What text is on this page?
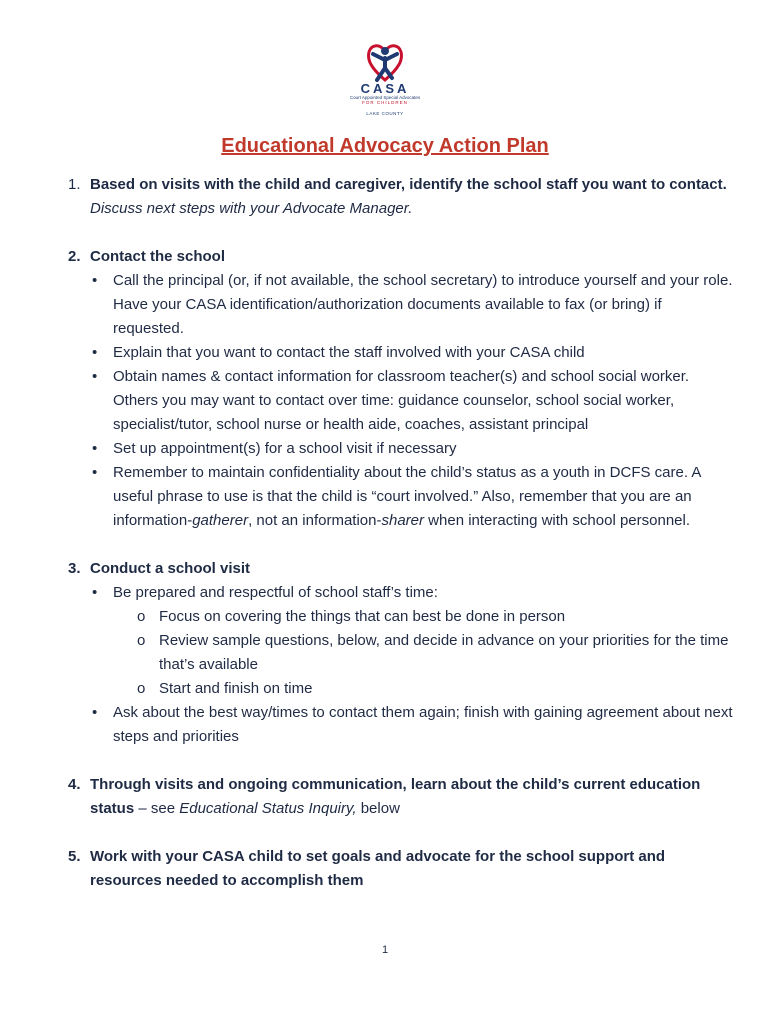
CASA
Court Appointed Special Advocates
FOR CHILDREN
LAKE COUNTY
Educational Advocacy Action Plan
1. Based on visits with the child and caregiver, identify the school staff you want to contact. Discuss next steps with your Advocate Manager.
2. Contact the school
• Call the principal (or, if not available, the school secretary) to introduce yourself and your role. Have your CASA identification/authorization documents available to fax (or bring) if requested.
• Explain that you want to contact the staff involved with your CASA child
• Obtain names & contact information for classroom teacher(s) and school social worker. Others you may want to contact over time: guidance counselor, school social worker, specialist/tutor, school nurse or health aide, coaches, assistant principal
• Set up appointment(s) for a school visit if necessary
• Remember to maintain confidentiality about the child’s status as a youth in DCFS care. A useful phrase to use is that the child is “court involved.” Also, remember that you are an information-gatherer, not an information-sharer when interacting with school personnel.
3. Conduct a school visit
• Be prepared and respectful of school staff’s time:
o Focus on covering the things that can best be done in person
o Review sample questions, below, and decide in advance on your priorities for the time that’s available
o Start and finish on time
• Ask about the best way/times to contact them again; finish with gaining agreement about next steps and priorities
4. Through visits and ongoing communication, learn about the child’s current education status – see Educational Status Inquiry, below
5. Work with your CASA child to set goals and advocate for the school support and resources needed to accomplish them
1
